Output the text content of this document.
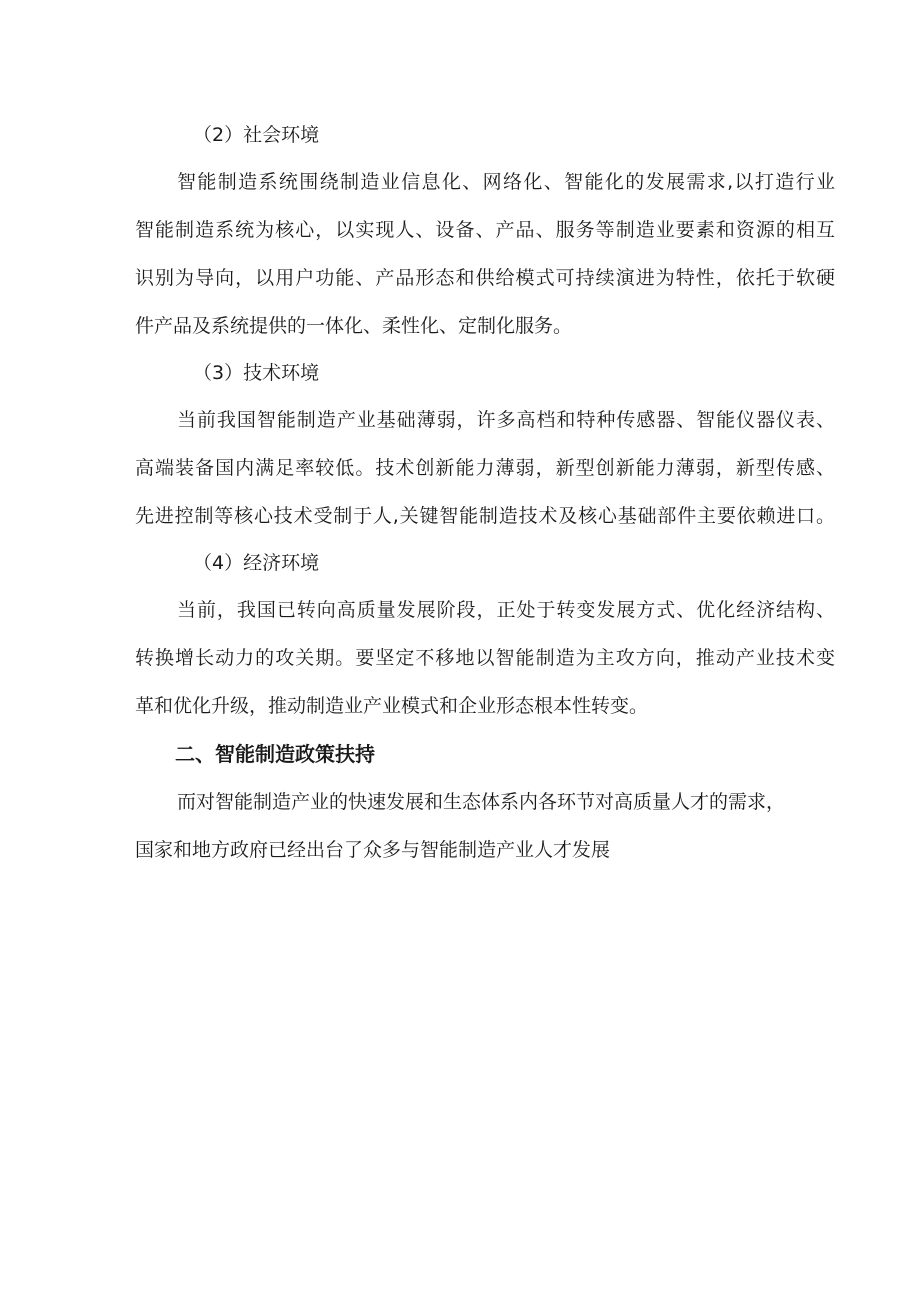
（2）社会环境
智能制造系统围绕制造业信息化、网络化、智能化的发展需求,以打造行业
智能制造系统为核心，以实现人、设备、产品、服务等制造业要素和资源的相互
识别为导向，以用户功能、产品形态和供给模式可持续演进为特性，依托于软硬
件产品及系统提供的一体化、柔性化、定制化服务。
（3）技术环境
当前我国智能制造产业基础薄弱，许多高档和特种传感器、智能仪器仪表、
高端装备国内满足率较低。技术创新能力薄弱，新型创新能力薄弱，新型传感、
先进控制等核心技术受制于人,关键智能制造技术及核心基础部件主要依赖进口。
（4）经济环境
当前，我国已转向高质量发展阶段，正处于转变发展方式、优化经济结构、
转换增长动力的攻关期。要坚定不移地以智能制造为主攻方向，推动产业技术变
革和优化升级，推动制造业产业模式和企业形态根本性转变。
二、智能制造政策扶持
而对智能制造产业的快速发展和生态体系内各环节对高质量人才的需求，
国家和地方政府已经出台了众多与智能制造产业人才发展
